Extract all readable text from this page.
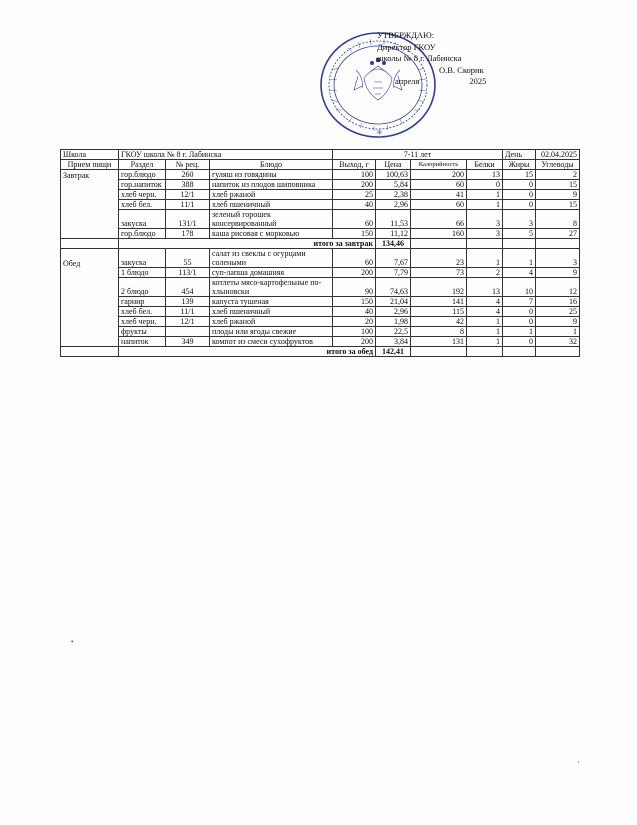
✳
УТВЕРЖДАЮ:
Директор ГКОУ
школы № 8 г. Лабинска
О.В. Скорик
апреля	2025
Школа	ГКОУ школа № 8 г. Лабинска			7-11 лет				День	02.04.2025
Прием пищи	Раздел	№ рец.	Блюдо	Выход, г	Цена	Калорийность	Белки	Жиры	Углеводы
Завтрак	гор.блюдо	260	гуляш из говядины	100	100,63	200	13	15	2
	гор.напиток	388	напиток из плодов шиповника	200	5,84	60	0	0	15
	хлеб черн.	12/1	хлеб ржаной	25	2,38	41	1	0	9
	хлеб бел.	11/1	хлеб пшеничный	40	2,96	60	1	0	15
	закуска	131/1	зеленый горошек консервированный	60	11,53	66	3	3	8
	гор.блюдо	178	каша рисовая с морковью	150	11,12	160	3	5	27
	итого за завтрак				134,46				
Обед	закуска	55	салат из свеклы с огурцами солеными	60	7,67	23	1	1	3
	1 блюдо	113/1	суп-лапша домашняя	200	7,79	73	2	4	9
	2 блюдо	454	котлеты мясо-картофельные по-хлыновски	90	74,63	192	13	10	12
	гарнир	139	капуста тушеная	150	21,04	141	4	7	16
	хлеб бел.	11/1	хлеб пшеничный	40	2,96	115	4	0	25
	хлеб черн.	12/1	хлеб ржаной	20	1,98	42	1	0	9
	фрукты		плоды или ягоды свежие	100	22,5	8	1	1	1
	напиток	349	компот из смеси сухофруктов	200	3,84	131	1	0	32
	итого за обед				142,41				
•
'
